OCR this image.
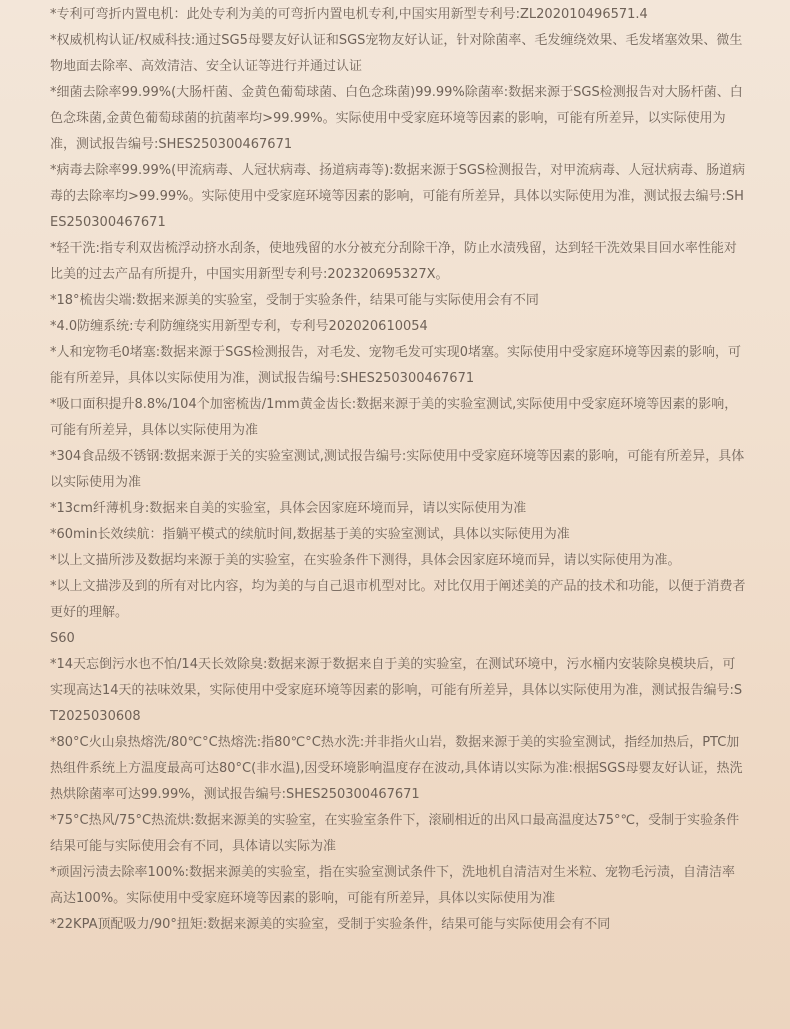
*专利可弯折内置电机：此处专利为美的可弯折内置电机专利,中国实用新型专利号:ZL202010496571.4

*权威机构认证/权威科技:通过SG5母婴友好认证和SGS宠物友好认证，针对除菌率、毛发缠绕效果、毛发堵塞效果、微生物地面去除率、高效清洁、安全认证等进行并通过认证

*细菌去除率99.99%(大肠杆菌、金黄色葡萄球菌、白色念珠菌)99.99%除菌率:数据来源于SGS检测报告对大肠杆菌、白色念珠菌,金黄色葡萄球菌的抗菌率均>99.99%。实际使用中受家庭环境等因素的影响，可能有所差异，以实际使用为准，测试报告编号:SHES250300467671

*病毒去除率99.99%(甲流病毒、人冠状病毒、扬道病毒等):数据来源于SGS检测报告，对甲流病毒、人冠状病毒、肠道病毒的去除率均>99.99%。实际使用中受家庭环境等因素的影响，可能有所差异，具体以实际使用为准，测试报去编号:SHES250300467671

*轻干洗:指专利双齿梳浮动挤水刮条，使地残留的水分被充分刮除干净，防止水渍残留，达到轻干洗效果目回水率性能对比美的过去产品有所提升，中国实用新型专利号:202320695327X。

*18°梳齿尖端:数据来源美的实验室，受制于实验条件，结果可能与实际使用会有不同

*4.0防缠系统:专利防缠绕实用新型专利，专利号202020610054

*人和宠物毛0堵塞:数据来源于SGS检测报告，对毛发、宠物毛发可实现0堵塞。实际使用中受家庭环境等因素的影响，可能有所差异，具体以实际使用为准，测试报告编号:SHES250300467671

*吸口面积提升8.8%/104个加密梳齿/1mm黄金齿长:数据来源于美的实验室测试,实际使用中受家庭环境等因素的影响，可能有所差异，具体以实际使用为准

*304食品级不锈钢:数据来源于关的实验室测试,测试报告编号:实际使用中受家庭环境等因素的影响，可能有所差异，具体以实际使用为准

*13cm纤薄机身:数据来自美的实验室，具体会因家庭环境而异，请以实际使用为准

*60min长效续航：指躺平模式的续航时间,数据基于美的实验室测试，具体以实际使用为准

*以上文描所涉及数据均来源于美的实验室，在实验条件下测得，具体会因家庭环境而异，请以实际使用为准。

*以上文描涉及到的所有对比内容，均为美的与自己退市机型对比。对比仅用于阐述美的产品的技术和功能，以便于消费者更好的理解。

S60

*14天忘倒污水也不怕/14天长效除臭:数据来源于数据来自于美的实验室，在测试环境中，污水桶内安装除臭模块后，可实现高达14天的祛味效果，实际使用中受家庭环境等因素的影响，可能有所差异，具体以实际使用为准，测试报告编号:ST2025030608

*80°C火山泉热熔洗/80℃°C热熔洗:指80℃°C热水洗:并非指火山岩，数据来源于美的实验室测试，指经加热后，PTC加热组件系统上方温度最高可达80°C(非水温),因受环境影响温度存在波动,具体请以实际为准:根据SGS母婴友好认证，热洗热烘除菌率可达99.99%，测试报告编号:SHES250300467671

*75°C热风/75°C热流烘:数据来源美的实验室，在实验室条件下，滚刷相近的出风口最高温度达75°℃，受制于实验条件结果可能与实际使用会有不同，具体请以实际为准

*顽固污渍去除率100%:数据来源美的实验室，指在实验室测试条件下，洗地机自清洁对生米粒、宠物毛污渍，自清洁率高达100%。实际使用中受家庭环境等因素的影响，可能有所差异，具体以实际使用为准

*22KPA顶配吸力/90°扭矩:数据来源美的实验室，受制于实验条件，结果可能与实际使用会有不同
